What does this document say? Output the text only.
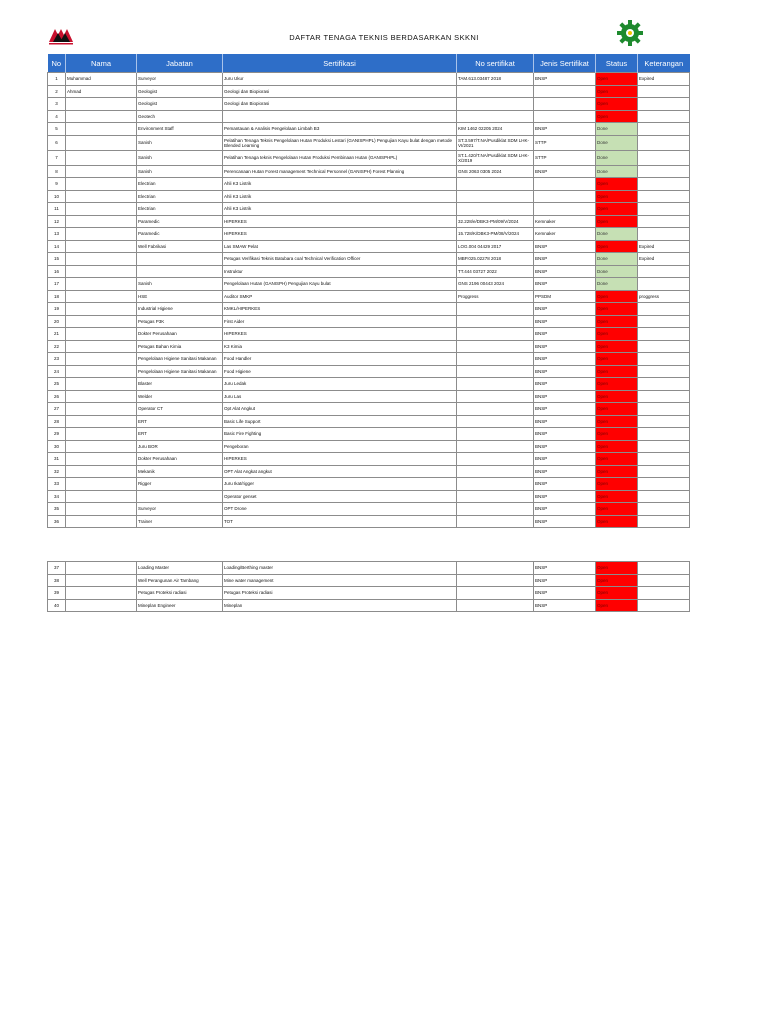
DAFTAR TENAGA TEKNIS BERDASARKAN SKKNI
No	Nama	Jabatan	Sertifikasi	No sertifikat	Jenis Sertifikat	Status	Keterangan
1	Muhammad	Surveyor	Juru Ukur	TAM.613.03487 2018	BNSP	Open	Expired
2	Ahmad	Geologist	Geologi dan Biopiorasi			Open	
3		Geologist	Geologi dan Biopiorasi			Open	
4		Geotech				Open	
5		Environment Staff	Pemantauan & Analisis Pengelolaan Limbah B3	KIM 1462 02205 2024	BNSP	Done	
6		Sanish	Pelatihan Tenaga Teknis Pengelolaan Hutan Produksi Lestari (GANISPHPL) Pengujian Kayu bulat dengan metode Blended Learning	ST.3.597/T.NA/Pusdiklat SDM LHK-VI/2021	STTP	Done	
7		Sanish	Pelatihan Tenaga teknis Pengelolaan Hutan Produksi Pembinaan Hutan (GANISPHPL)	ST.1.420/T.NA/Pusdiklat SDM LHK-X/2019	STTP	Done	
8		Sanish	Perencanaan Hutan Forest management Technical Personnel (GANISPH) Forest Planning	GNS 2063 0305 2024	BNSP	Done	
9		Electrian	Ahli K3 Listrik			Open	
10		Electrian	Ahli K3 Listrik			Open	
11		Electrian	Ahli K3 Listrik			Open	
12		Paramedic	HIPERKES	32.228/e/DBK3-PM/09/V/2024	Kemnaker	Open	
13		Paramedic	HIPERKES	15.728/K/DBK3-PM/08/V/2024	Kemnaker	Done	
14		Well Fabrikasi	Las SMAW Pelat	LOG.004 04429 2017	BNSP	Open	Expired
15			Petugas Verifikasi Teknis Batubara coal Technical Verification Officer	MBP.025.02278 2018	BNSP	Done	Expired
16			Instruktur	TT.444 03727 2022	BNSP	Done	
17		Sanish	Pengelolaan Hutan (GANISPH) Pengujian Kayu bulat	GNS 2196 00443 2024	BNSP	Done	
18		HSE	Auditor SMKP	Proggress	PPSDM	Open	proggress
19		Industrial Higiene	KMKL/HIPERKES		BNSP	Open	
20		Petugas P3K	First Aider		BNSP	Open	
21		Dokter Perusahaan	HIPERKES		BNSP	Open	
22		Petugas Bahan Kimia	K3 Kimia		BNSP	Open	
23		Pengelolaan Higiene Sanitasi Makanan	Food Handler		BNSP	Open	
24		Pengelolaan Higiene Sanitasi Makanan	Food Higiene		BNSP	Open	
25		Blaster	Juru Ledak		BNSP	Open	
26		Welder	Juru Las		BNSP	Open	
27		Operator CT	Opt Alat Angkut		BNSP	Open	
28		ERT	Basic Life Support		BNSP	Open	
29		ERT	Basic Fire Fighting		BNSP	Open	
30		Juru BOR	Pengeboran		BNSP	Open	
31		Dokter Perusahaan	HIPERKES		BNSP	Open	
32		Mekanik	OPT Alat Angkat angkut		BNSP	Open	
33		Rigger	Juru Ikat/rigger		BNSP	Open	
34			Operator genset		BNSP	Open	
35		Surveyor	OPT Drone		BNSP	Open	
36		Trainer	TOT		BNSP	Open	
37		Loading Master	Loading/Berthing master		BNSP	Open	
38		Well Perangunan Air Tambang	Mine water management		BNSP	Open	
39		Petugas Proteksi radiasi	Petugas Proteksi radiasi		BNSP	Open	
40		Mineplan Engineer	Mineplan		BNSP	Open	
